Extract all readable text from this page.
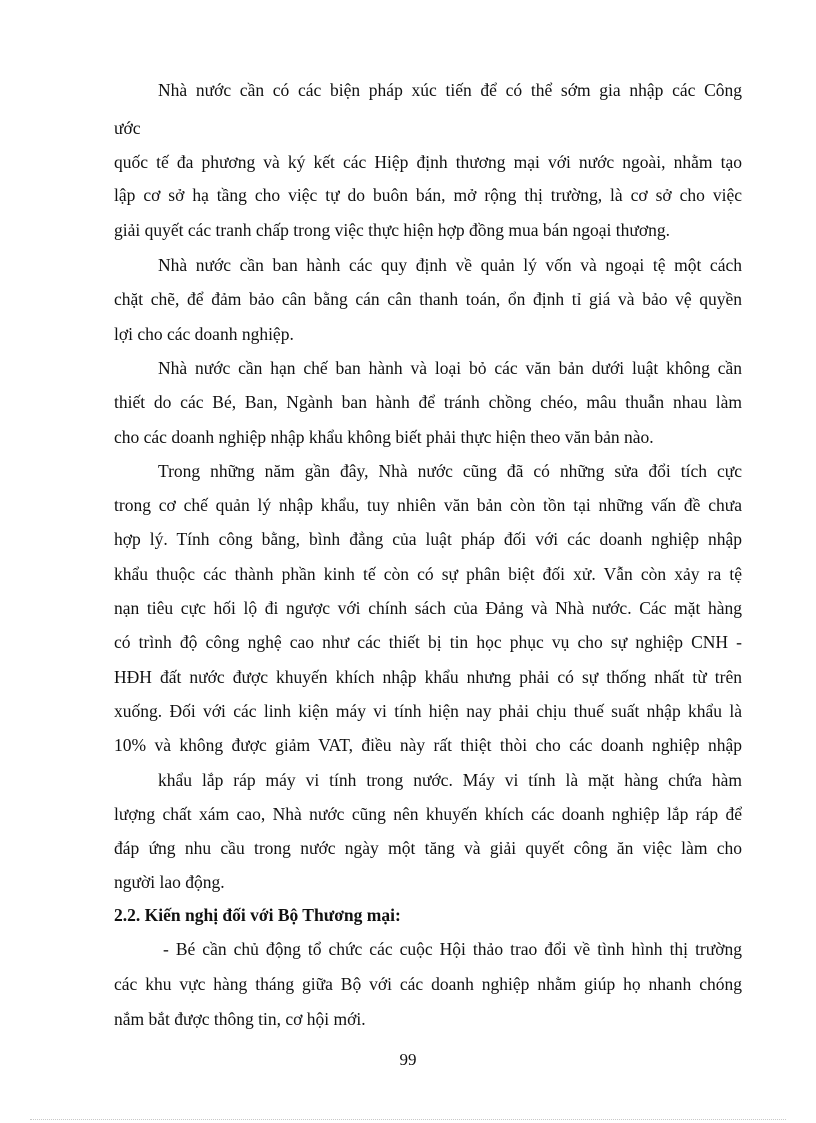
Nhà nước cần có các biện pháp xúc tiến để có thể sớm gia nhập các Công
ước
quốc tế đa phương và ký kết các Hiệp định thương mại với nước ngoài, nhằm tạo
lập cơ sở hạ tầng cho việc tự do buôn bán, mở rộng thị trường, là cơ sở cho việc
giải quyết các tranh chấp trong việc thực hiện hợp đồng mua bán ngoại thương.
Nhà nước cần ban hành các quy định về quản lý vốn và ngoại tệ một cách
chặt chẽ, để đảm bảo cân bằng cán cân thanh toán, ổn định tỉ giá và bảo vệ quyền
lợi cho các doanh nghiệp.
Nhà nước cần hạn chế ban hành và loại bỏ các văn bản dưới luật không cần
thiết do các Bé, Ban, Ngành ban hành để tránh chồng chéo, mâu thuẫn nhau làm
cho các doanh nghiệp nhập khẩu không biết phải thực hiện theo văn bản nào.
Trong những năm gần đây, Nhà nước cũng đã có những sửa đổi tích cực
trong cơ chế quản lý nhập khẩu, tuy nhiên văn bản còn tồn tại những vấn đề chưa
hợp lý. Tính công bằng, bình đẳng của luật pháp đối với các doanh nghiệp nhập
khẩu thuộc các thành phần kinh tế còn có sự phân biệt đối xử. Vẫn còn xảy ra tệ
nạn tiêu cực hối lộ đi ngược với chính sách của Đảng và Nhà nước. Các mặt hàng
có trình độ công nghệ cao như các thiết bị tin học phục vụ cho sự nghiệp CNH -
HĐH đất nước được khuyến khích nhập khẩu nhưng phải có sự thống nhất từ trên
xuống. Đối với các linh kiện máy vi tính hiện nay phải chịu thuế suất nhập khẩu là
10% và không được giảm VAT, điều này rất thiệt thòi cho các doanh nghiệp nhập
khẩu lắp ráp máy vi tính trong nước. Máy vi tính là mặt hàng chứa hàm
lượng chất xám cao, Nhà nước cũng nên khuyến khích các doanh nghiệp lắp ráp để
đáp ứng nhu cầu trong nước ngày một tăng và giải quyết công ăn việc làm cho
người lao động.
2.2. Kiến nghị đối với Bộ Thương mại:
- Bé cần chủ động tổ chức các cuộc Hội thảo trao đổi về tình hình thị trường
các khu vực hàng tháng giữa Bộ với các doanh nghiệp nhằm giúp họ nhanh chóng
nắm bắt được thông tin, cơ hội mới.
99
